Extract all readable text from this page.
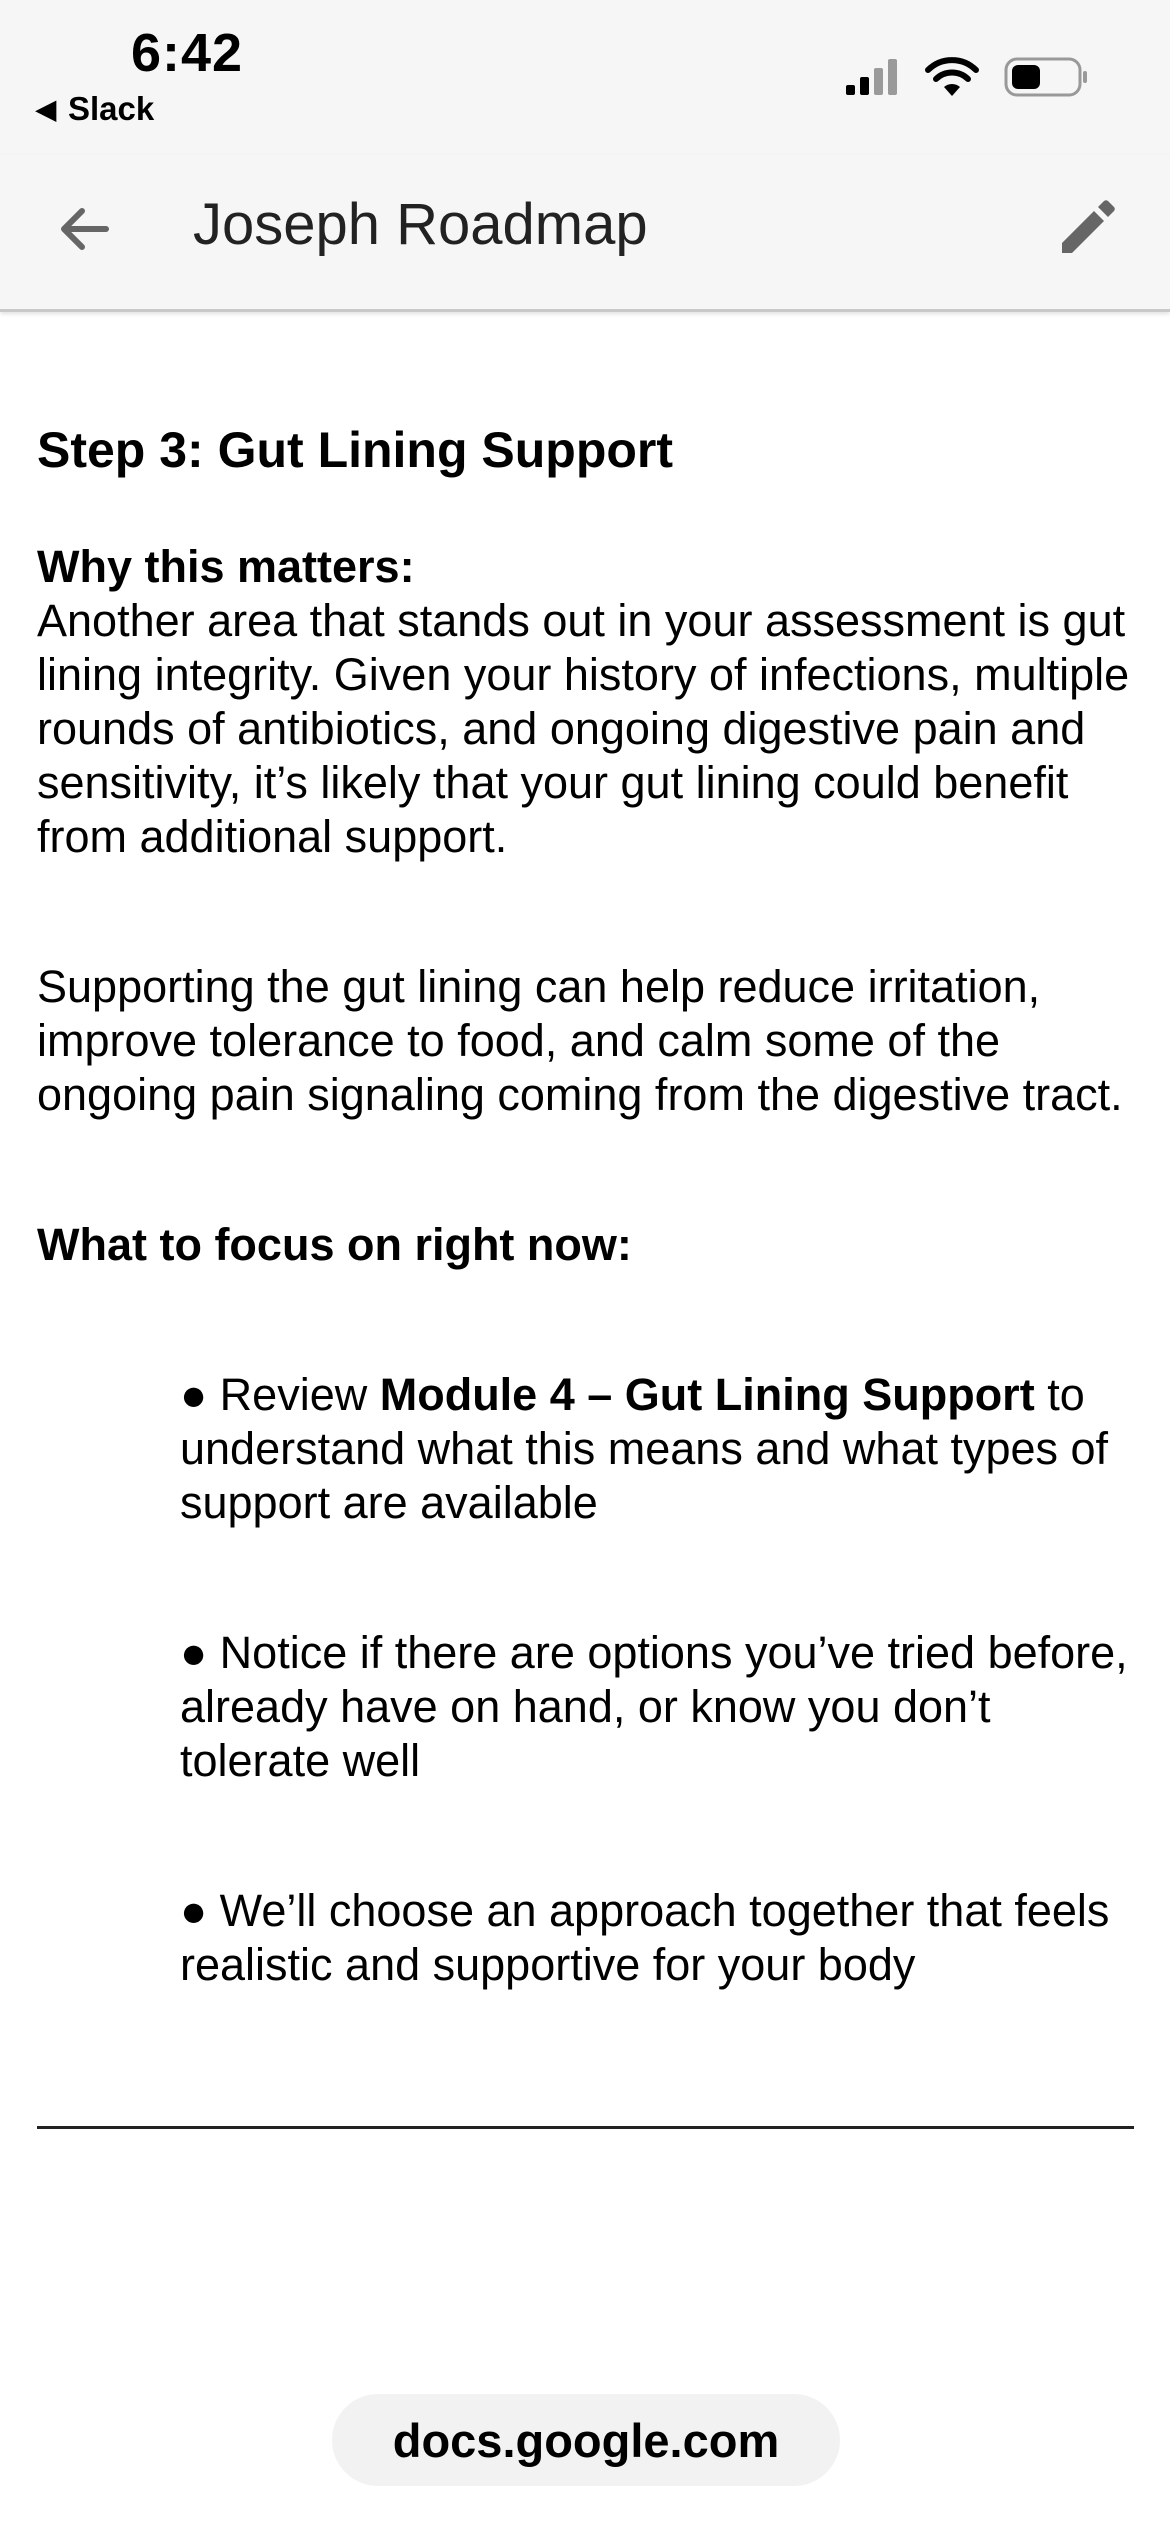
6:42
◀ Slack
Joseph Roadmap
Step 3: Gut Lining Support
Why this matters:

Another area that stands out in your assessment is gut lining integrity. Given your history of infections, multiple rounds of antibiotics, and ongoing digestive pain and sensitivity, it’s likely that your gut lining could benefit from additional support.

Supporting the gut lining can help reduce irritation, improve tolerance to food, and calm some of the ongoing pain signaling coming from the digestive tract.

What to focus on right now:
● Review Module 4 – Gut Lining Support to understand what this means and what types of support are available
● Notice if there are options you’ve tried before, already have on hand, or know you don’t tolerate well
● We’ll choose an approach together that feels realistic and supportive for your body
docs.google.com
